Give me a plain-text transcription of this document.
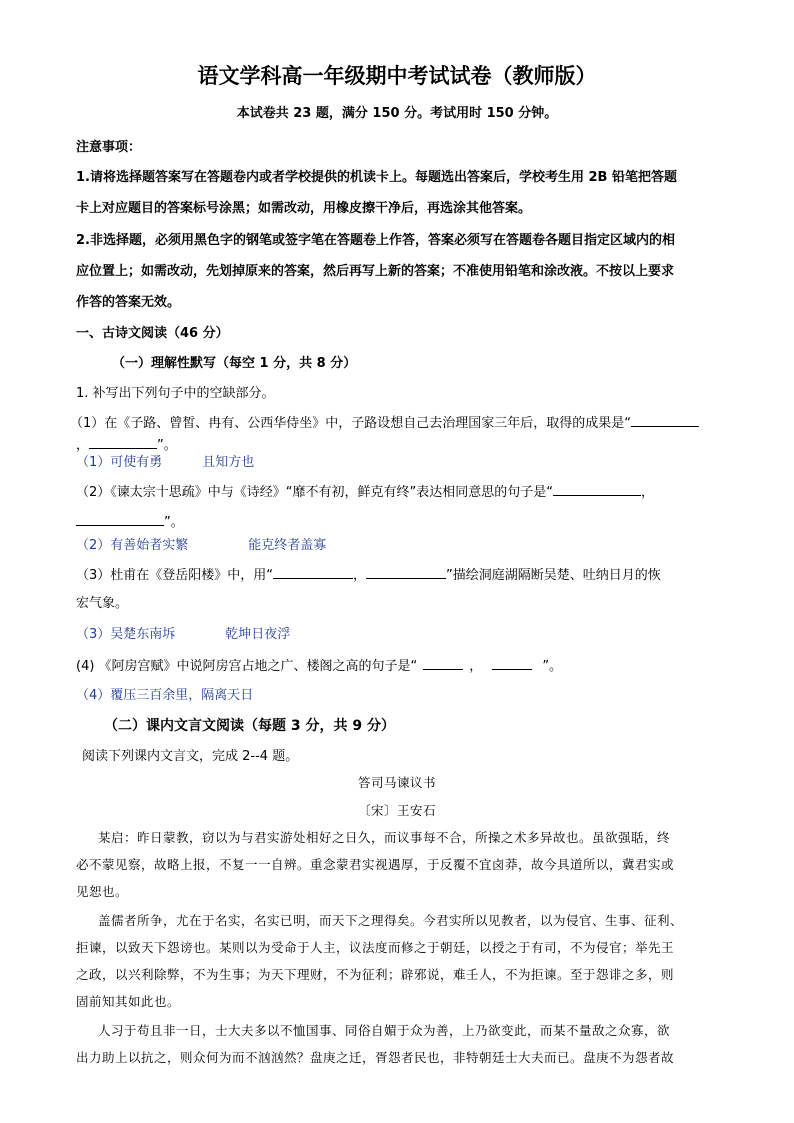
语文学科高一年级期中考试试卷（教师版）
本试卷共 23 题，满分 150 分。考试用时 150 分钟。
注意事项：
1.请将选择题答案写在答题卷内或者学校提供的机读卡上。每题选出答案后，学校考生用 2B 铅笔把答题
卡上对应题目的答案标号涂黑；如需改动，用橡皮擦干净后，再选涂其他答案。
2.非选择题，必须用黑色字的钢笔或签字笔在答题卷上作答，答案必须写在答题卷各题目指定区域内的相
应位置上；如需改动，先划掉原来的答案，然后再写上新的答案；不准使用铅笔和涂改液。不按以上要求
作答的答案无效。
一、古诗文阅读（46 分）
（一）理解性默写（每空 1 分，共 8 分）
1. 补写出下列句子中的空缺部分。
（1）在《子路、曾皙、冉有、公西华侍坐》中，子路设想自己去治理国家三年后，取得的成果是“
，	”。
（1）可使有勇	且知方也
（2）《谏太宗十思疏》中与《诗经》“靡不有初，鲜克有终”表达相同意思的句子是“	，
”。
（2）有善始者实繁	能克终者盖寡
（3）杜甫在《登岳阳楼》中，用“	，	”描绘洞庭湖隔断吴楚、吐纳日月的恢
宏气象。
（3）吴楚东南坼	乾坤日夜浮
(4) 《阿房宫赋》中说阿房宫占地之广、楼阁之高的句子是“	，	”。
（4）覆压三百余里，隔离天日
（二）课内文言文阅读（每题 3 分，共 9 分）
阅读下列课内文言文，完成 2--4 题。
答司马谏议书
〔宋〕王安石
某启：昨日蒙教，窃以为与君实游处相好之日久，而议事每不合，所操之术多异故也。虽欲强聒，终
必不蒙见察，故略上报，不复一一自辨。重念蒙君实视遇厚，于反覆不宜卤莽，故今具道所以，冀君实或
见恕也。
盖儒者所争，尤在于名实，名实已明，而天下之理得矣。今君实所以见教者，以为侵官、生事、征利、
拒谏，以致天下怨谤也。某则以为受命于人主，议法度而修之于朝廷，以授之于有司，不为侵官；举先王
之政，以兴利除弊，不为生事；为天下理财，不为征利；辟邪说，难壬人，不为拒谏。至于怨诽之多，则
固前知其如此也。
人习于苟且非一日，士大夫多以不恤国事、同俗自媚于众为善，上乃欲变此，而某不量敌之众寡，欲
出力助上以抗之，则众何为而不汹汹然？盘庚之迁，胥怨者民也，非特朝廷士大夫而已。盘庚不为怨者故
